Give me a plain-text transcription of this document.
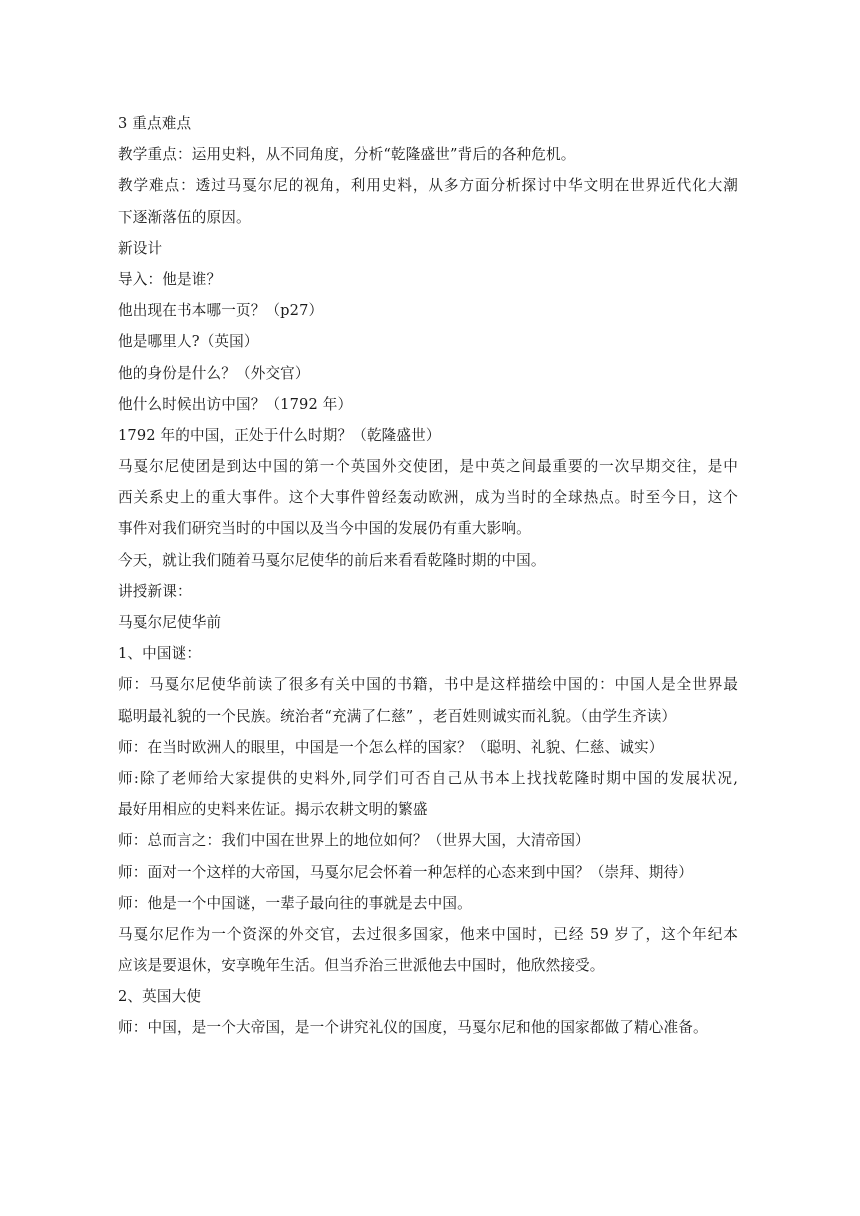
3 重点难点
教学重点：运用史料，从不同角度，分析“乾隆盛世”背后的各种危机。
教学难点：透过马戛尔尼的视角，利用史料，从多方面分析探讨中华文明在世界近代化大潮
下逐渐落伍的原因。
新设计
导入：他是谁？
他出现在书本哪一页？（p27）
他是哪里人?（英国）
他的身份是什么？（外交官）
他什么时候出访中国？（1792 年）
1792 年的中国，正处于什么时期？（乾隆盛世）
马戛尔尼使团是到达中国的第一个英国外交使团，是中英之间最重要的一次早期交往，是中
西关系史上的重大事件。这个大事件曾经轰动欧洲，成为当时的全球热点。时至今日，这个
事件对我们研究当时的中国以及当今中国的发展仍有重大影响。
今天，就让我们随着马戛尔尼使华的前后来看看乾隆时期的中国。
讲授新课：
马戛尔尼使华前
1、中国谜：
师：马戛尔尼使华前读了很多有关中国的书籍，书中是这样描绘中国的：中国人是全世界最
聪明最礼貌的一个民族。统治者“充满了仁慈” ，老百姓则诚实而礼貌。（由学生齐读）
师：在当时欧洲人的眼里，中国是一个怎么样的国家？（聪明、礼貌、仁慈、诚实）
师:除了老师给大家提供的史料外,同学们可否自己从书本上找找乾隆时期中国的发展状况,
最好用相应的史料来佐证。揭示农耕文明的繁盛
师：总而言之：我们中国在世界上的地位如何？（世界大国，大清帝国）
师：面对一个这样的大帝国，马戛尔尼会怀着一种怎样的心态来到中国？（崇拜、期待）
师：他是一个中国谜，一辈子最向往的事就是去中国。
马戛尔尼作为一个资深的外交官，去过很多国家，他来中国时，已经 59 岁了，这个年纪本
应该是要退休，安享晚年生活。但当乔治三世派他去中国时，他欣然接受。
2、英国大使
师：中国，是一个大帝国，是一个讲究礼仪的国度，马戛尔尼和他的国家都做了精心准备。
